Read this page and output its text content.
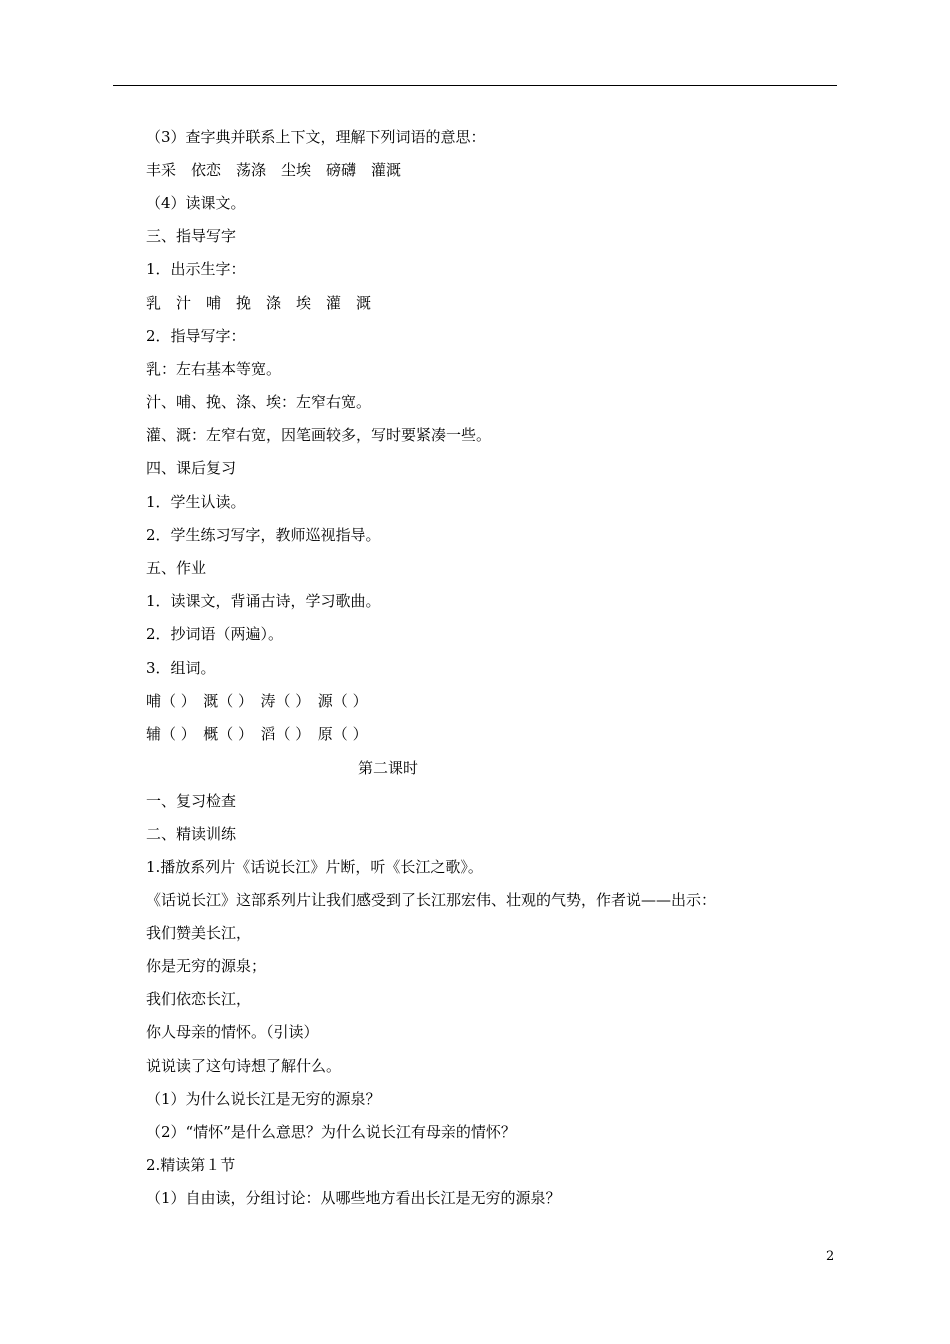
（3）查字典并联系上下文，理解下列词语的意思：
丰采　依恋　荡涤　尘埃　磅礴　灌溉
（4）读课文。
三、指导写字
1．出示生字：
乳　汁　哺　挽　涤　埃　灌　溉
2．指导写字：
乳：左右基本等宽。
汁、哺、挽、涤、埃：左窄右宽。
灌、溉：左窄右宽，因笔画较多，写时要紧凑一些。
四、课后复习
1．学生认读。
2．学生练习写字，教师巡视指导。
五、作业
1．读课文，背诵古诗，学习歌曲。
2．抄词语（两遍）。
3．组词。
哺（ ）　溉（ ）　涛（ ）　源（ ）
辅（ ）　概（ ）　滔（ ）　原（ ）
第二课时
一、复习检查
二、精读训练
1.播放系列片《话说长江》片断，听《长江之歌》。
《话说长江》这部系列片让我们感受到了长江那宏伟、壮观的气势，作者说——出示：
我们赞美长江，
你是无穷的源泉；
我们依恋长江，
你人母亲的情怀。（引读）
说说读了这句诗想了解什么。
（1）为什么说长江是无穷的源泉？
（2）“情怀”是什么意思？为什么说长江有母亲的情怀？
2.精读第１节
（1）自由读，分组讨论：从哪些地方看出长江是无穷的源泉？
2
